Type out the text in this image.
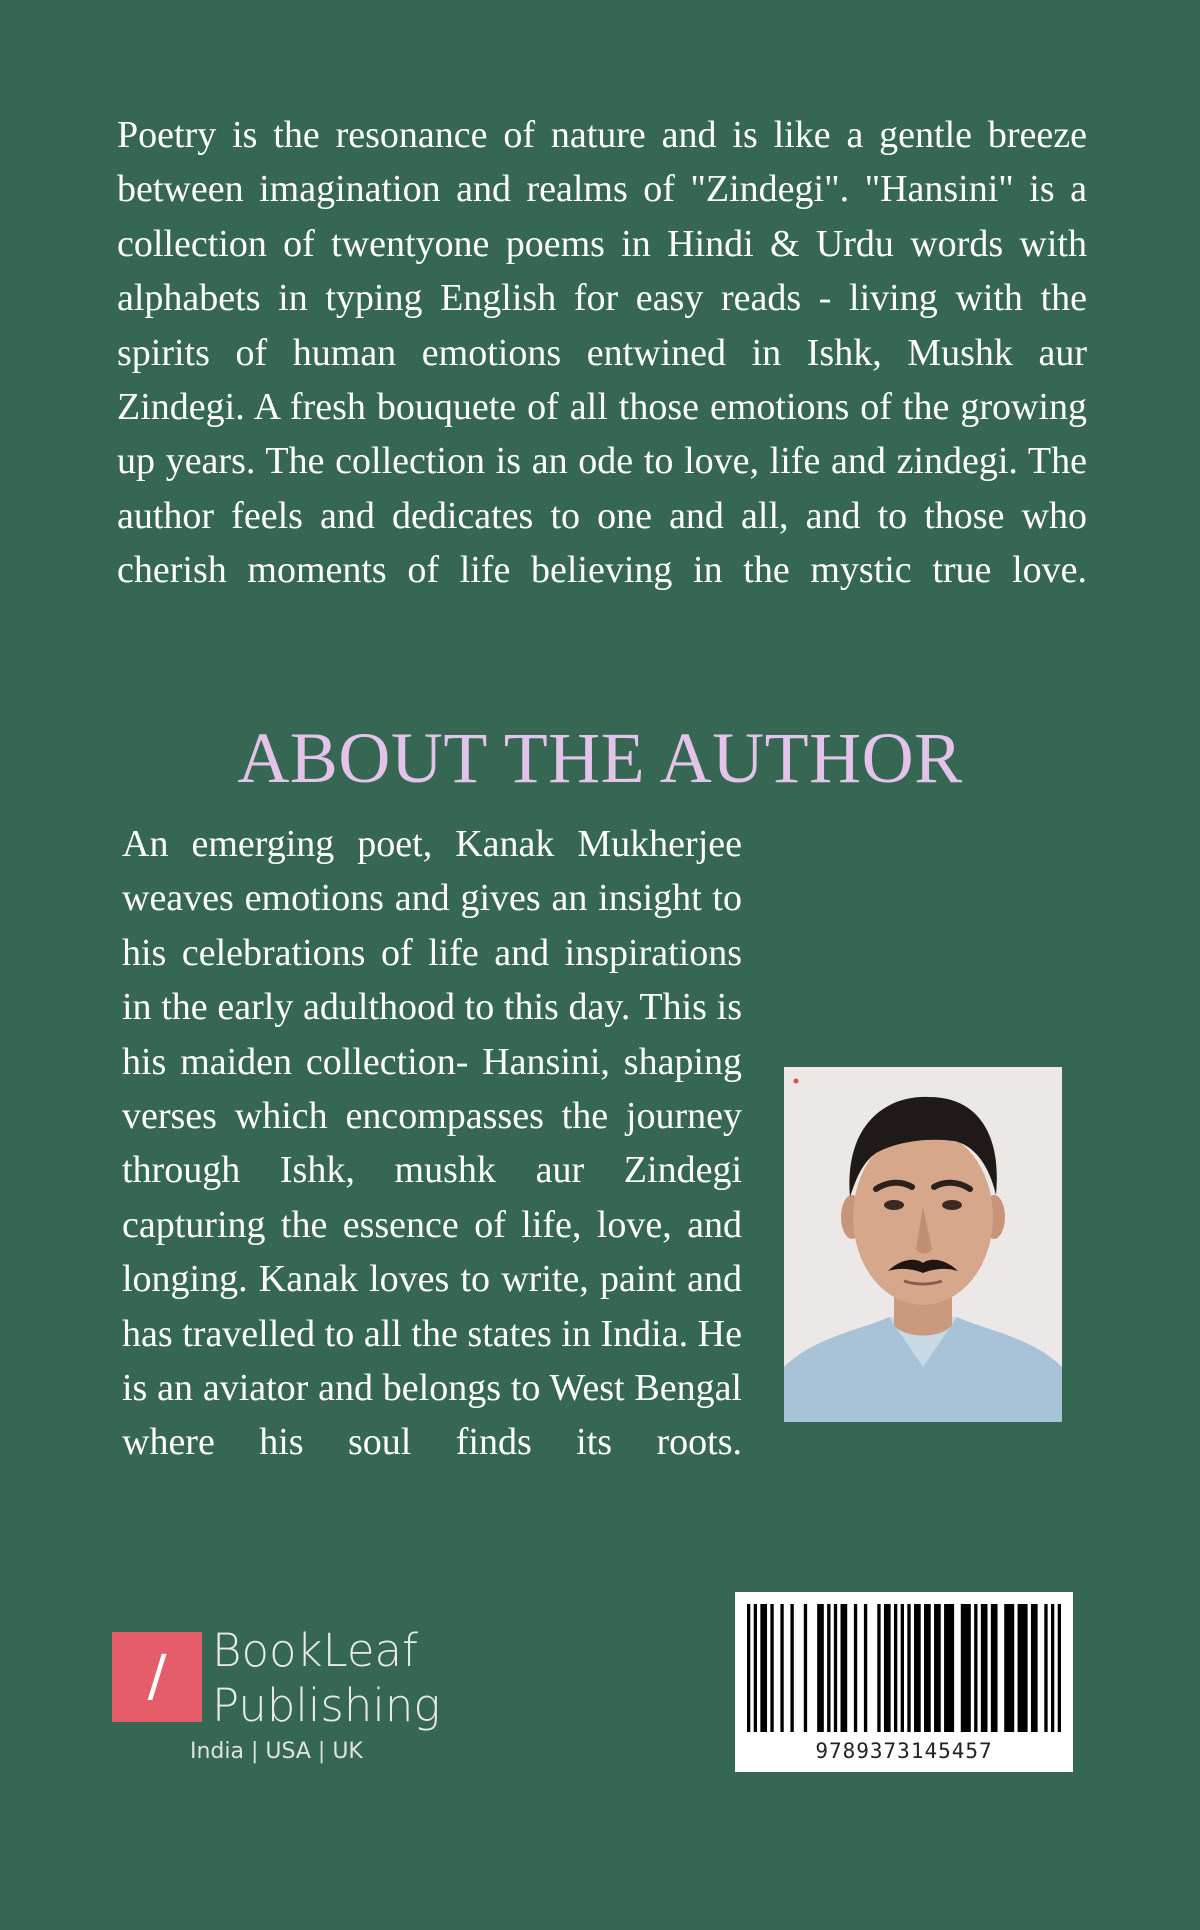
Poetry is the resonance of nature and is like a gentle breeze between imagination and realms of "Zindegi". "Hansini" is a collection of twentyone poems in Hindi & Urdu words with alphabets in typing English for easy reads - living with the spirits of human emotions entwined in Ishk, Mushk aur Zindegi. A fresh bouquete of all those emotions of the growing up years. The collection is an ode to love, life and zindegi. The author feels and dedicates to one and all, and to those who cherish moments of life believing in the mystic true love.

ABOUT THE AUTHOR

An emerging poet, Kanak Mukherjee weaves emotions and gives an insight to his celebrations of life and inspirations in the early adulthood to this day. This is his maiden collection- Hansini, shaping verses which encompasses the journey through Ishk, mushk aur Zindegi capturing the essence of life, love, and longing. Kanak loves to write, paint and has travelled to all the states in India. He is an aviator and belongs to West Bengal where his soul finds its roots.

/	BookLeaf
Publishing
India | USA | UK	9789373145457
